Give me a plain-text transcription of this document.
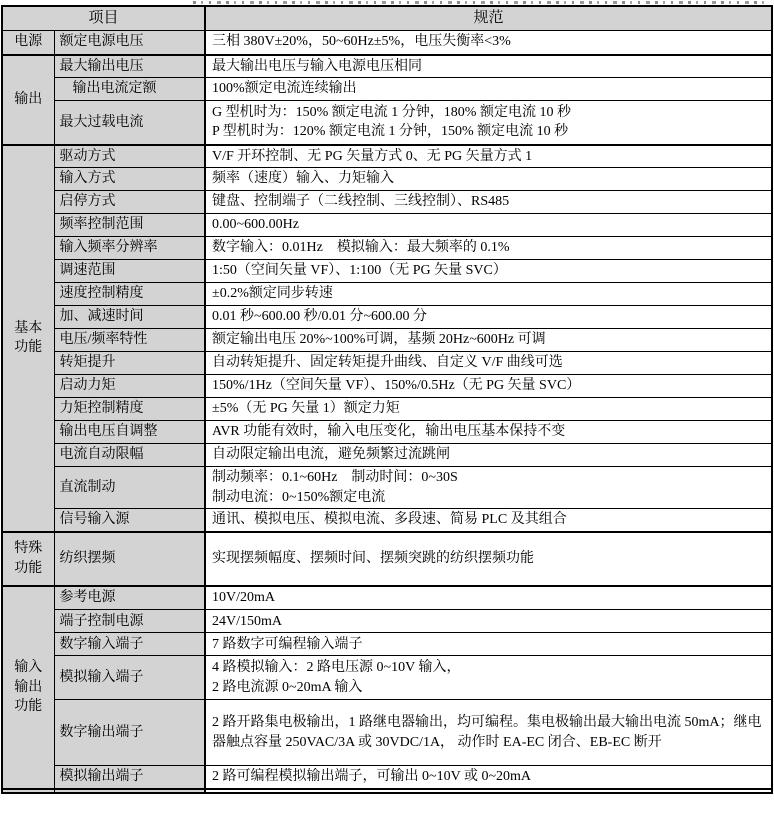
项目		规范
电源	额定电源电压	三相 380V±20%，50~60Hz±5%，电压失衡率<3%

输出	最大输出电压	最大输出电压与输入电源电压相同

	输出电流定额	100%额定电流连续输出

	最大过载电流	G 型机时为：150% 额定电流 1 分钟，180% 额定电流 10 秒
P 型机时为：120% 额定电流 1 分钟，150% 额定电流 10 秒

基本功能	驱动方式	V/F 开环控制、无 PG 矢量方式 0、无 PG 矢量方式 1

	输入方式	频率（速度）输入、力矩输入

	启停方式	键盘、控制端子（二线控制、三线控制）、RS485

	频率控制范围	0.00~600.00Hz

	输入频率分辨率	数字输入：0.01Hz　模拟输入：最大频率的 0.1%

	调速范围	1:50（空间矢量 VF）、1:100（无 PG 矢量 SVC）

	速度控制精度	±0.2%额定同步转速

	加、减速时间	0.01 秒~600.00 秒/0.01 分~600.00 分

	电压/频率特性	额定输出电压 20%~100%可调，基频 20Hz~600Hz 可调

	转矩提升	自动转矩提升、固定转矩提升曲线、自定义 V/F 曲线可选

	启动力矩	150%/1Hz（空间矢量 VF）、150%/0.5Hz（无 PG 矢量 SVC）

	力矩控制精度	±5%（无 PG 矢量 1）额定力矩

	输出电压自调整	AVR 功能有效时，输入电压变化，输出电压基本保持不变

	电流自动限幅	自动限定输出电流，避免频繁过流跳闸

	直流制动	制动频率：0.1~60Hz　制动时间：0~30S
制动电流：0~150%额定电流

	信号输入源	通讯、模拟电压、模拟电流、多段速、简易 PLC 及其组合

特殊功能	纺织摆频	实现摆频幅度、摆频时间、摆频突跳的纺织摆频功能

输入输出功能	参考电源	10V/20mA

	端子控制电源	24V/150mA

	数字输入端子	7 路数字可编程输入端子

	模拟输入端子	4 路模拟输入：2 路电压源 0~10V 输入，
2 路电流源 0~20mA 输入

	数字输出端子	2 路开路集电极输出，1 路继电器输出，均可编程。集电极输出最大输出电流 50mA；继电器触点容量 250VAC/3A 或 30VDC/1A， 动作时 EA-EC 闭合、EB-EC 断开

	模拟输出端子	2 路可编程模拟输出端子，可输出 0~10V 或 0~20mA
